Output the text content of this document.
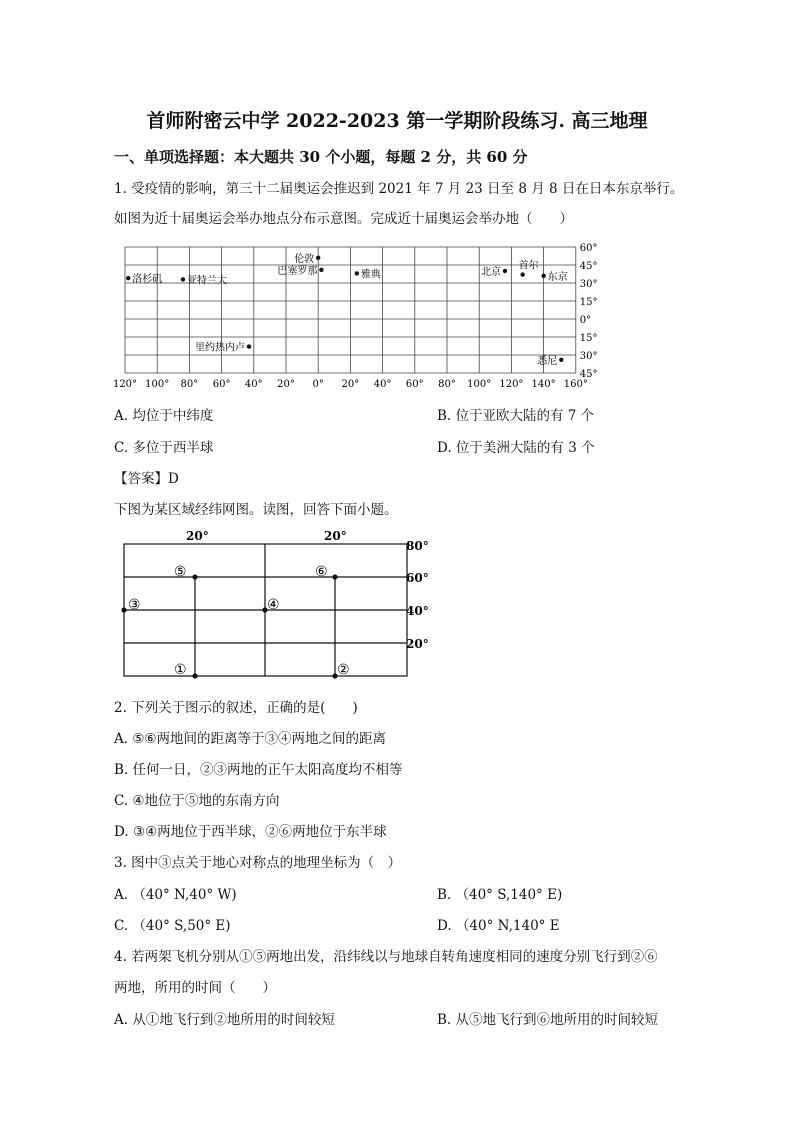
首师附密云中学 2022-2023 第一学期阶段练习. 高三地理
一、单项选择题：本大题共 30 个小题，每题 2 分，共 60 分
1. 受疫情的影响，第三十二届奥运会推迟到 2021 年 7 月 23 日至 8 月 8 日在日本东京举行。
如图为近十届奥运会举办地点分布示意图。完成近十届奥运会举办地（　　）
洛杉矶 亚特兰大
伦敦
巴塞罗那	雅典	北京
首尔
东京
里约热内卢
悉尼
120° 100° 80° 60° 40° 20° 0° 20° 40° 60° 80° 100° 120° 140° 160°
60°
45°
30°
15°
0°
15°
30°
45°
A. 均位于中纬度	B. 位于亚欧大陆的有 7 个
C. 多位于西半球	D. 位于美洲大陆的有 3 个
【答案】D
下图为某区域经纬网图。读图，回答下面小题。
20°	20°
80°
60°
40°
20°
⑤	⑥
③	④
①	②
2. 下列关于图示的叙述，正确的是(　　)
A. ⑤⑥两地间的距离等于③④两地之间的距离
B. 任何一日，②③两地的正午太阳高度均不相等
C. ④地位于⑤地的东南方向
D. ③④两地位于西半球，②⑥两地位于东半球
3. 图中③点关于地心对称点的地理坐标为（　）
A. （40° N,40° W)	B. （40° S,140° E)
C. （40° S,50° E)	D. （40° N,140° E
4. 若两架飞机分别从①⑤两地出发，沿纬线以与地球自转角速度相同的速度分别飞行到②⑥
两地，所用的时间（　　）
A. 从①地飞行到②地所用的时间较短	B. 从⑤地飞行到⑥地所用的时间较短
